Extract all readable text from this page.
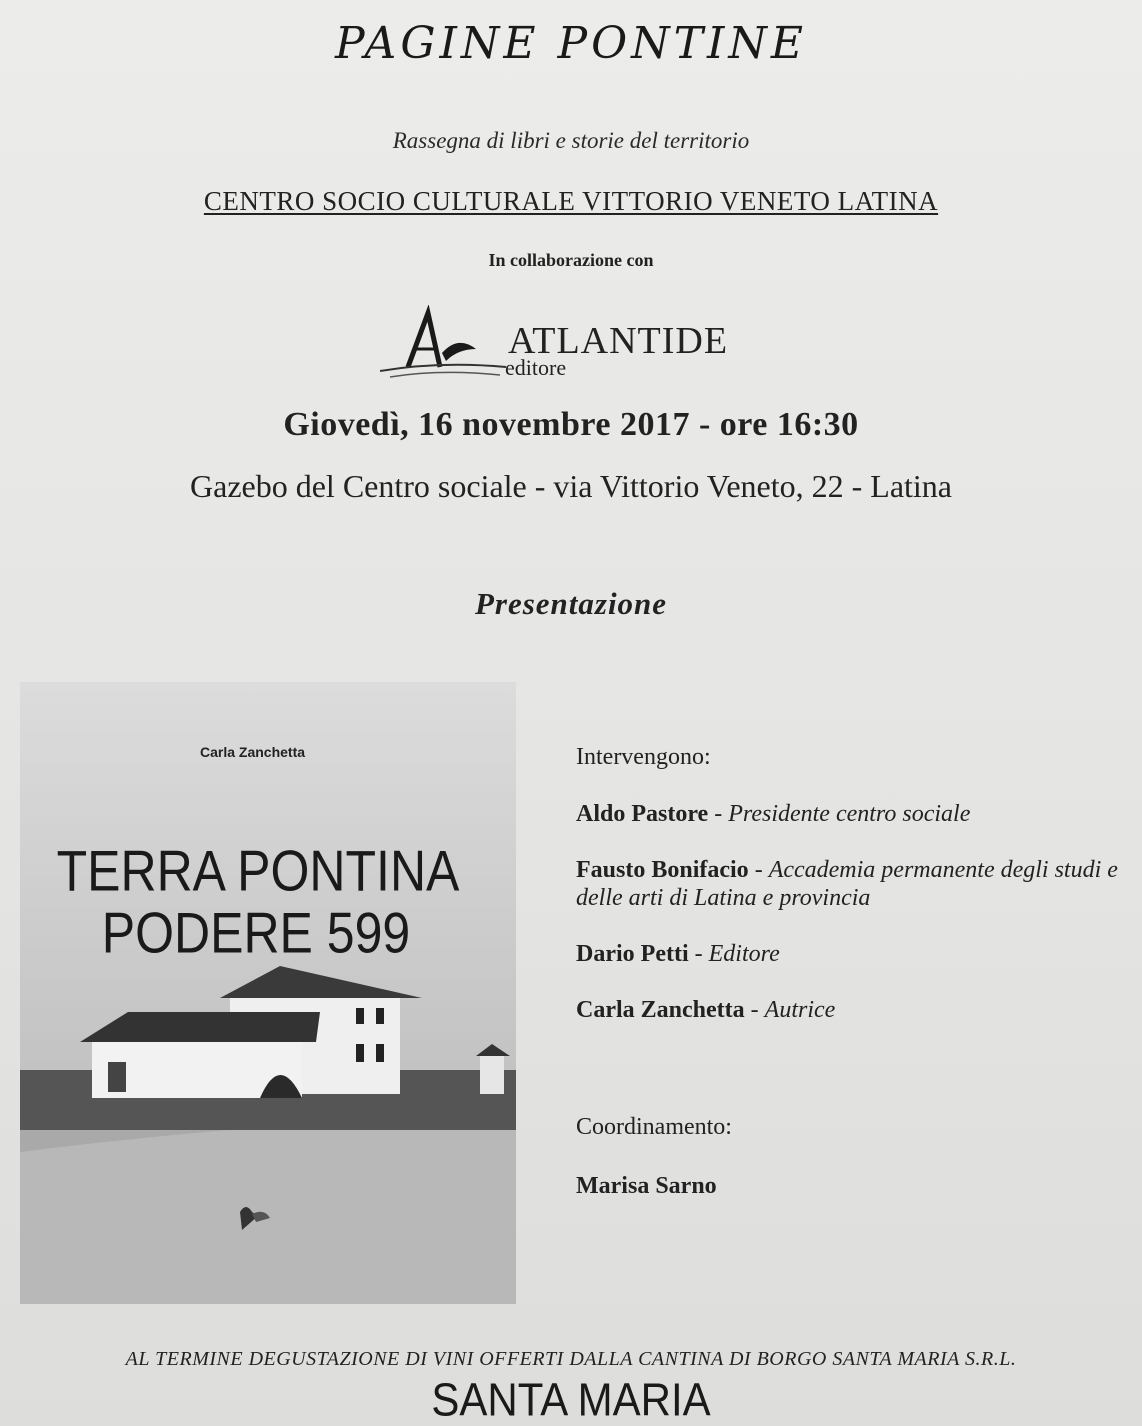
PAGINE PONTINE
Rassegna di libri e storie del territorio
CENTRO SOCIO CULTURALE VITTORIO VENETO LATINA
In collaborazione con
ATLANTIDE
editore
Giovedì, 16 novembre 2017 - ore 16:30
Gazebo del Centro sociale - via Vittorio Veneto, 22 - Latina
Presentazione
Carla Zanchetta
TERRA PONTINA
PODERE 599
Intervengono:
Aldo Pastore - Presidente centro sociale
Fausto Bonifacio - Accademia permanente degli studi e delle arti di Latina e provincia
Dario Petti - Editore
Carla Zanchetta - Autrice
Coordinamento:
Marisa Sarno
AL TERMINE DEGUSTAZIONE DI VINI OFFERTI DALLA CANTINA DI BORGO SANTA MARIA S.R.L.
SANTA MARIA
